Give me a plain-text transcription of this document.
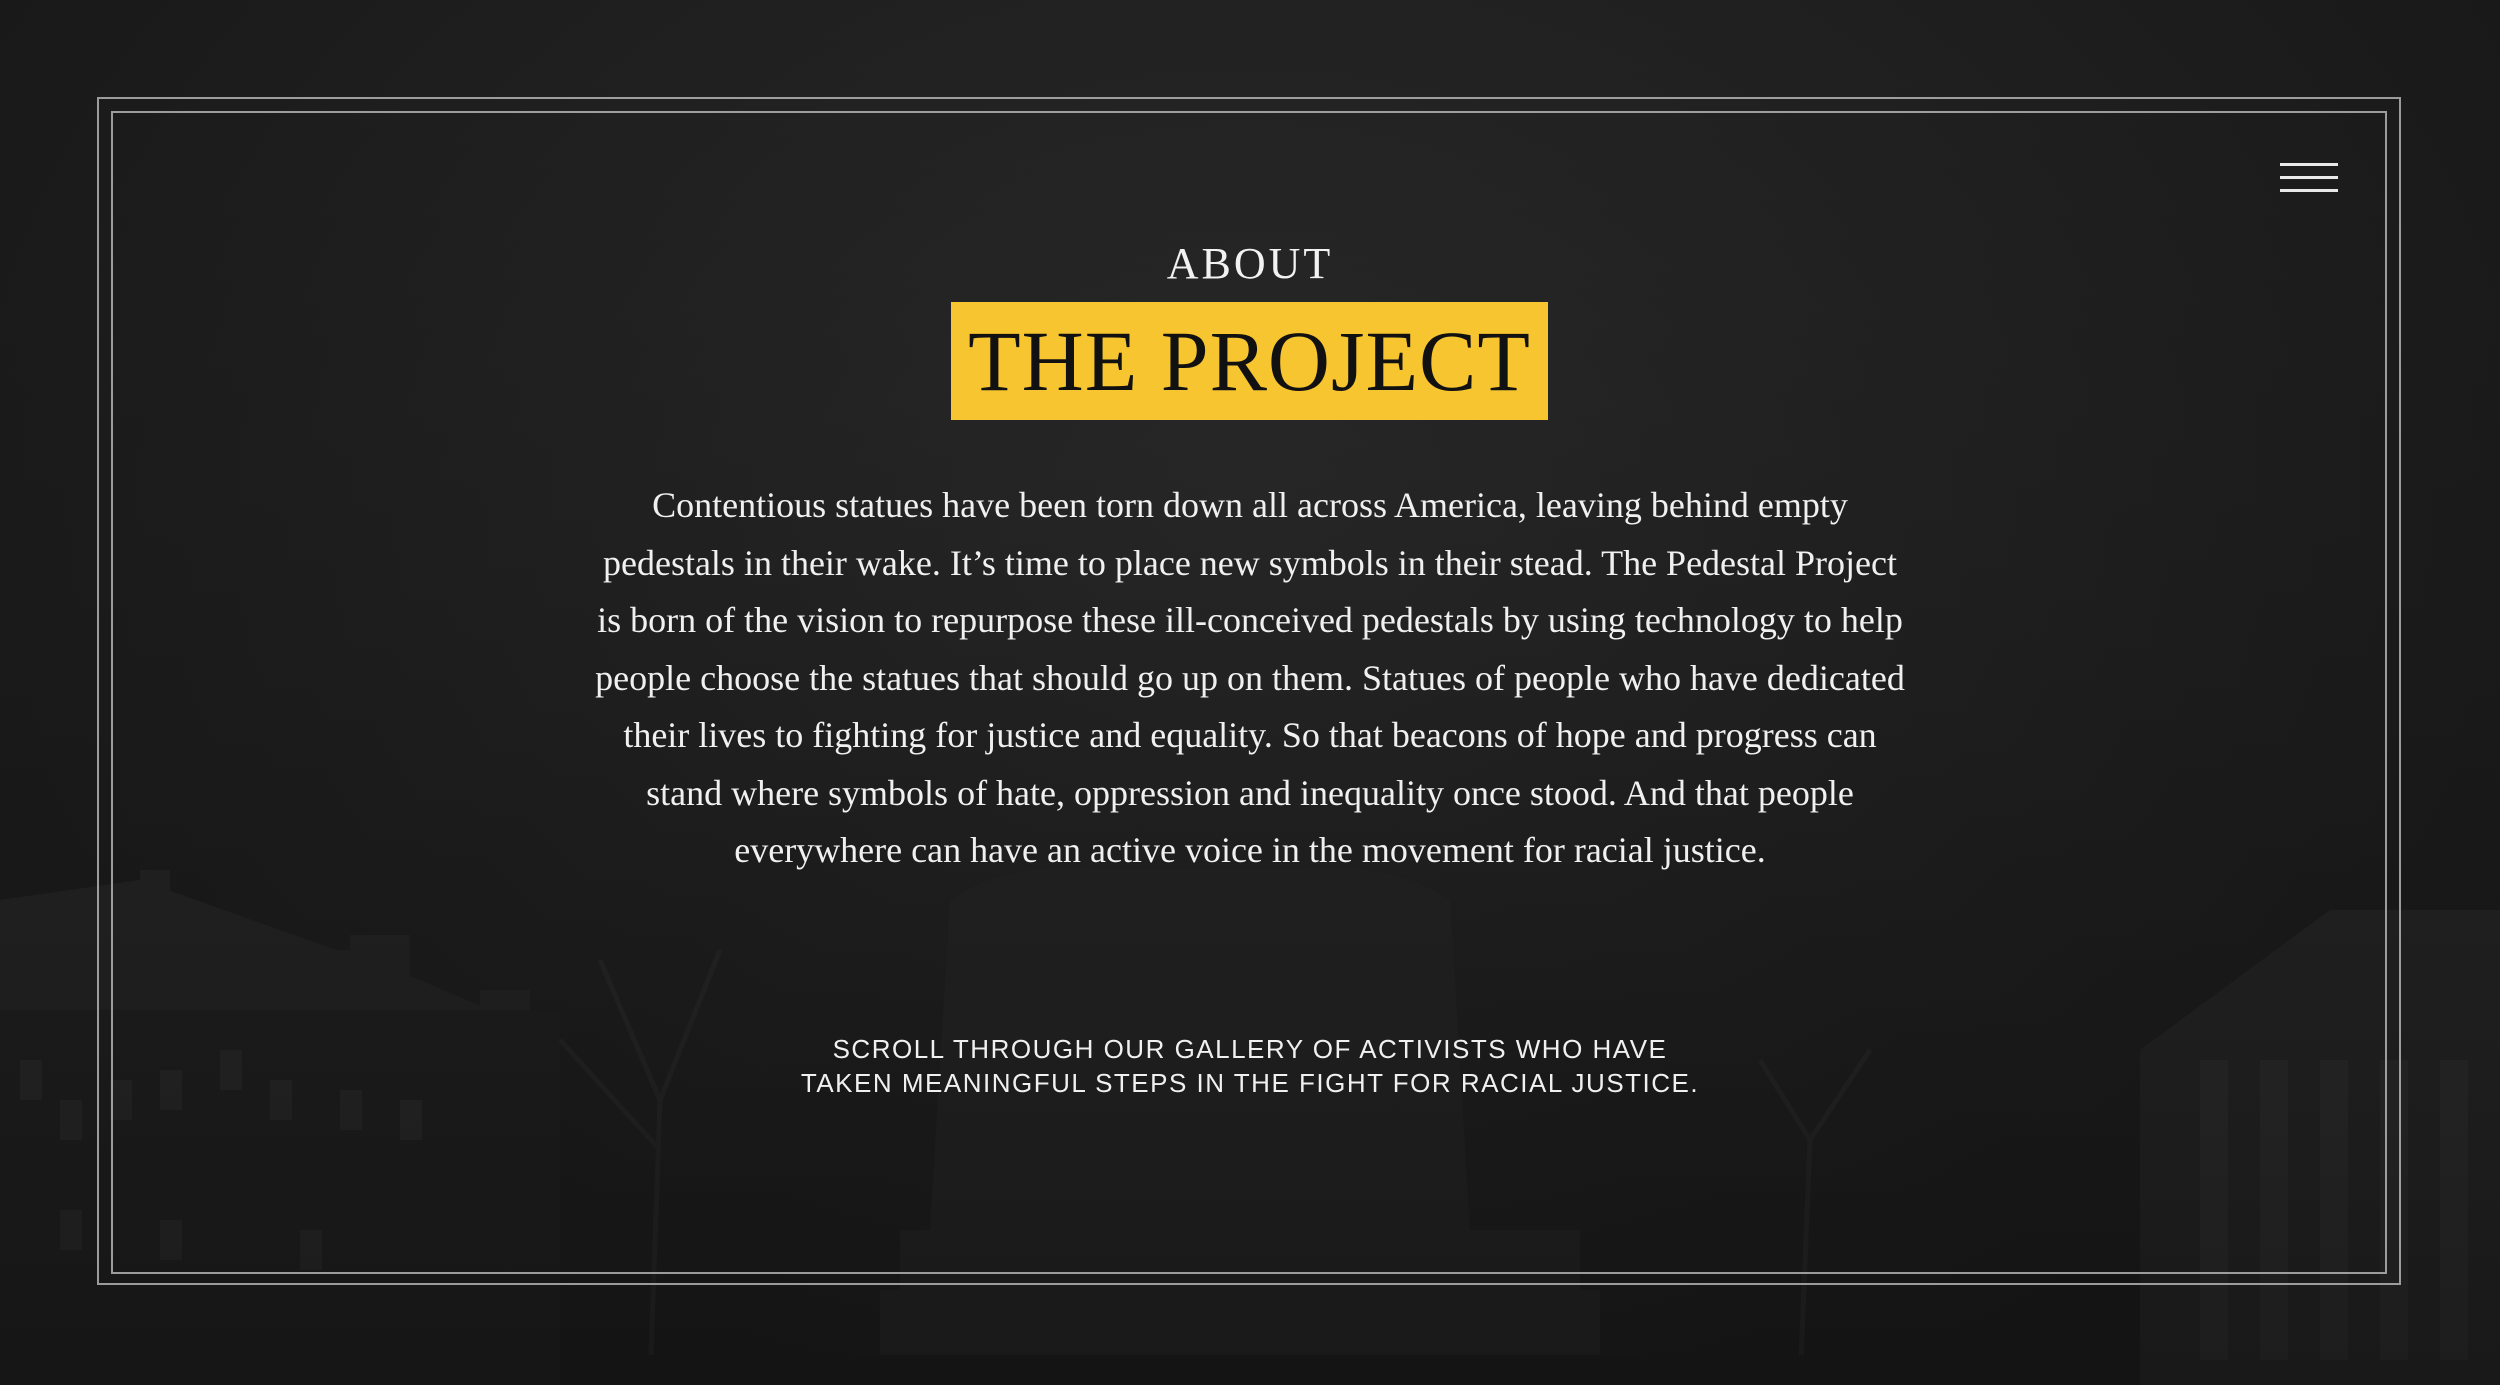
ABOUT
THE PROJECT
Contentious statues have been torn down all across America, leaving behind empty pedestals in their wake. It’s time to place new symbols in their stead. The Pedestal Project is born of the vision to repurpose these ill-conceived pedestals by using technology to help people choose the statues that should go up on them. Statues of people who have dedicated their lives to fighting for justice and equality. So that beacons of hope and progress can stand where symbols of hate, oppression and inequality once stood. And that people everywhere can have an active voice in the movement for racial justice.
SCROLL THROUGH OUR GALLERY OF ACTIVISTS WHO HAVE
TAKEN MEANINGFUL STEPS IN THE FIGHT FOR RACIAL JUSTICE.
